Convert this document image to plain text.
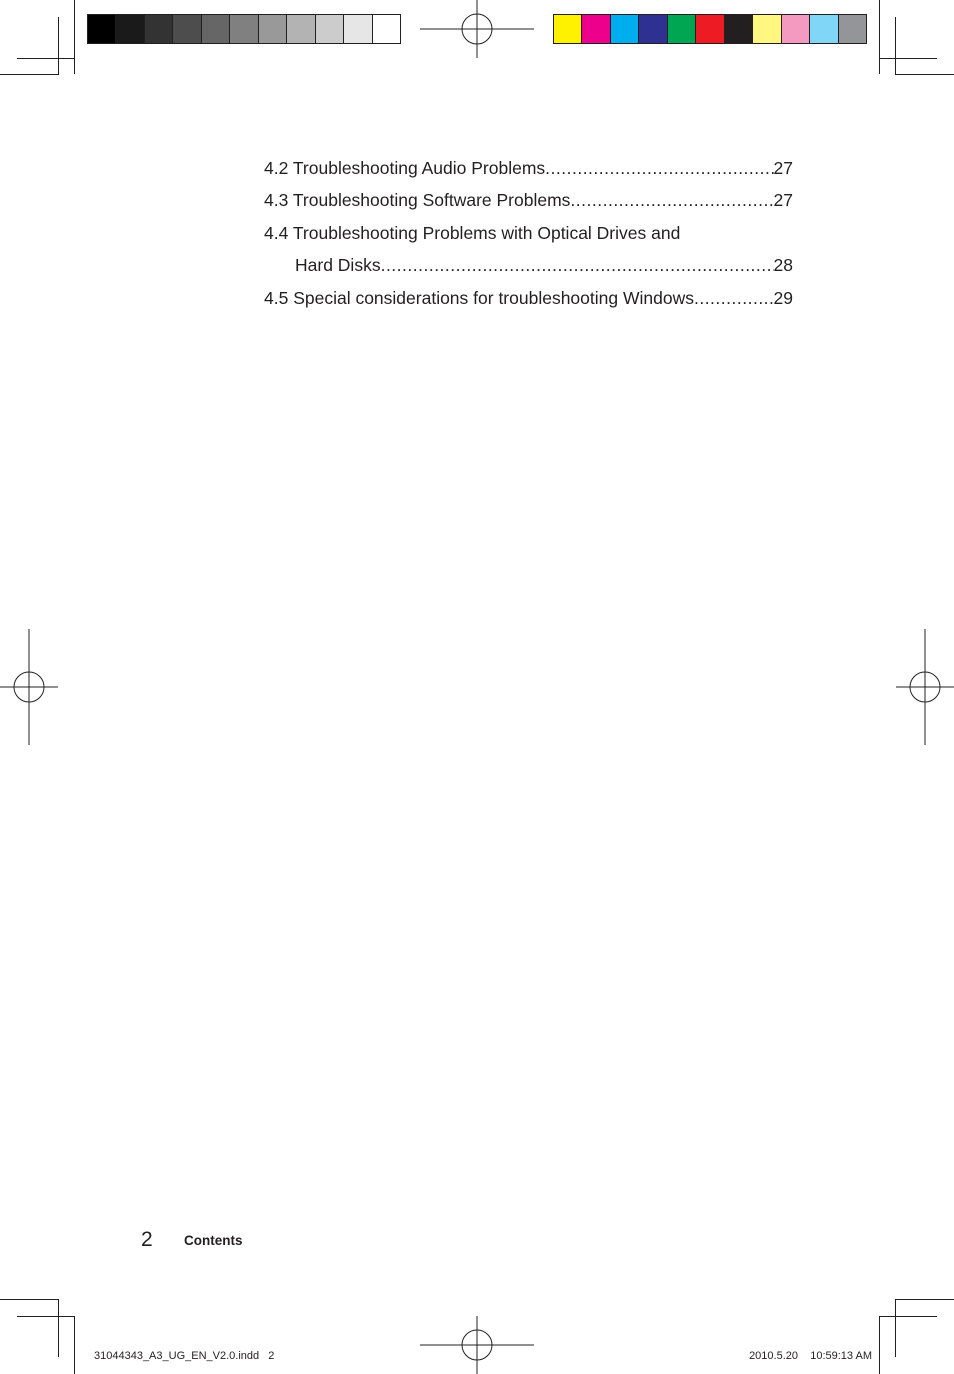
4.2 Troubleshooting Audio Problems .....	27
4.3 Troubleshooting Software Problems .....	27
4.4 Troubleshooting Problems with Optical Drives and
Hard Disks .....	28
4.5 Special considerations for troubleshooting Windows .....	29
2 Contents
31044343_A3_UG_EN_V2.0.indd   2	2010.5.20    10:59:13 AM
